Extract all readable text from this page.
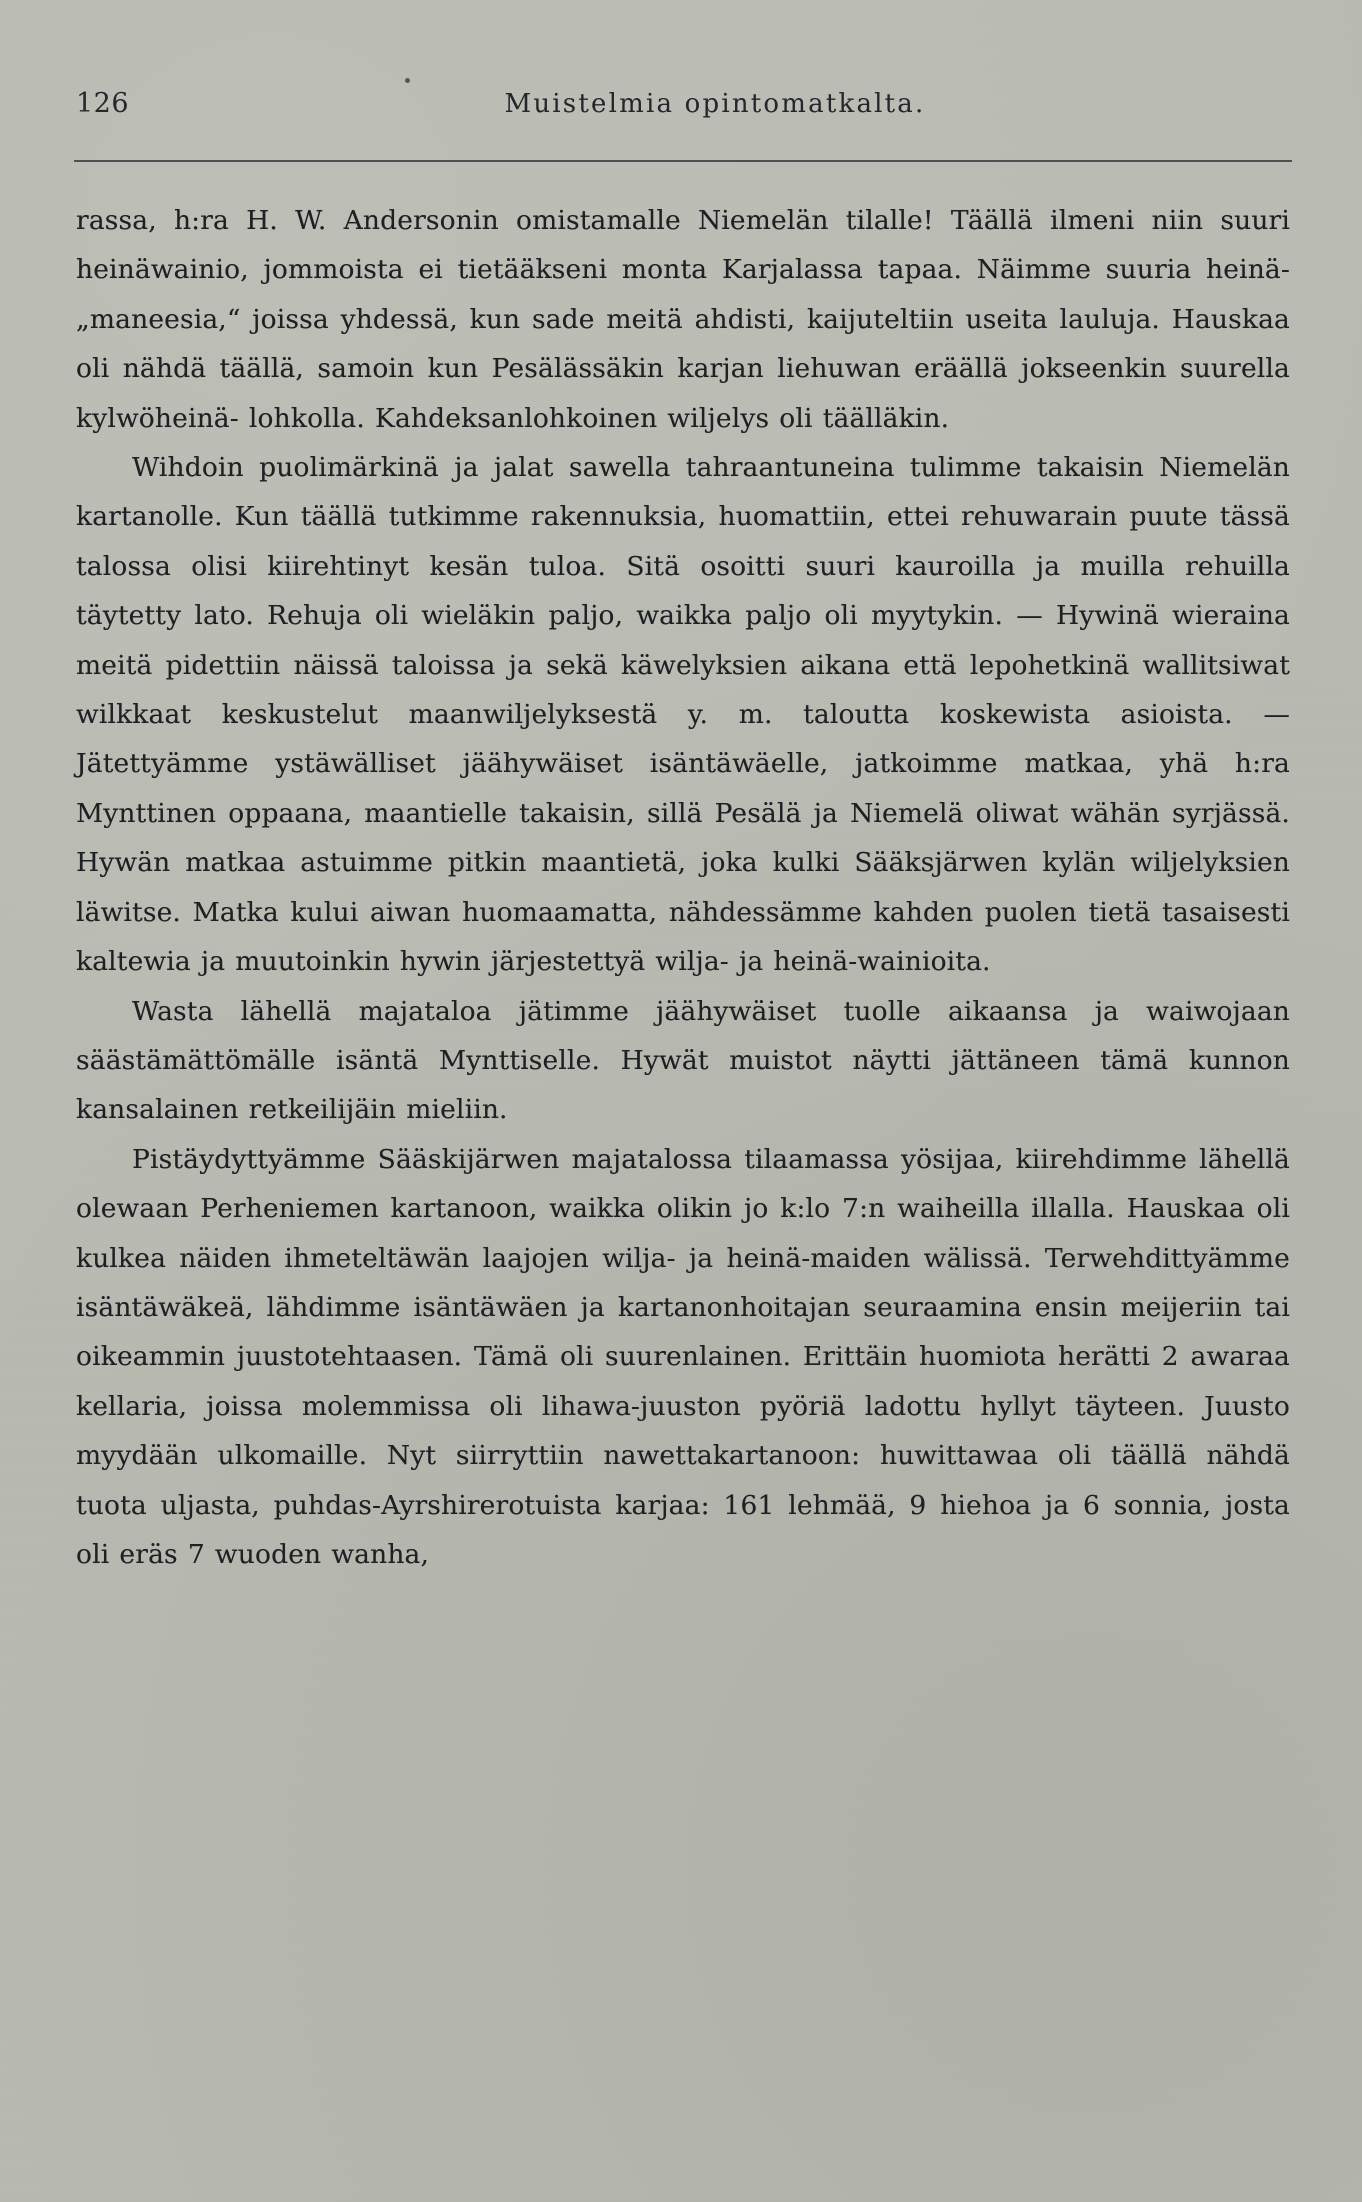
126	Muistelmia opintomatkalta.

rassa, h:ra H. W. Andersonin omistamalle Niemelän tilalle! Täällä ilmeni niin suuri heinäwainio, jommoista ei tietääkseni monta Karjalassa tapaa. Näimme suuria heinä-„maneesia,“ joissa yhdessä, kun sade meitä ahdisti, kaijuteltiin useita lauluja. Hauskaa oli nähdä täällä, samoin kun Pesälässäkin karjan liehuwan eräällä jokseenkin suurella kylwöheinä- lohkolla. Kahdeksanlohkoinen wiljelys oli täälläkin.

Wihdoin puolimärkinä ja jalat sawella tahraantuneina tulimme takaisin Niemelän kartanolle. Kun täällä tutkimme rakennuksia, huomattiin, ettei rehuwarain puute tässä talossa olisi kiirehtinyt kesän tuloa. Sitä osoitti suuri kauroilla ja muilla rehuilla täytetty lato. Rehuja oli wieläkin paljo, waikka paljo oli myytykin. — Hywinä wieraina meitä pidettiin näissä taloissa ja sekä käwelyksien aikana että lepohetkinä wallitsiwat wilkkaat keskustelut maanwiljelyksestä y. m. taloutta koskewista asioista. — Jätettyämme ystäwälliset jäähywäiset isäntäwäelle, jatkoimme matkaa, yhä h:ra Mynttinen oppaana, maantielle takaisin, sillä Pesälä ja Niemelä oliwat wähän syrjässä. Hywän matkaa astuimme pitkin maantietä, joka kulki Sääksjärwen kylän wiljelyksien läwitse. Matka kului aiwan huomaamatta, nähdessämme kahden puolen tietä tasaisesti kaltewia ja muutoinkin hywin järjestettyä wilja- ja heinä-wainioita.

Wasta lähellä majataloa jätimme jäähywäiset tuolle aikaansa ja waiwojaan säästämättömälle isäntä Mynttiselle. Hywät muistot näytti jättäneen tämä kunnon kansalainen retkeilijäin mieliin.

Pistäydyttyämme Sääskijärwen majatalossa tilaamassa yösijaa, kiirehdimme lähellä olewaan Perheniemen kartanoon, waikka olikin jo k:lo 7:n waiheilla illalla. Hauskaa oli kulkea näiden ihmeteltäwän laajojen wilja- ja heinä-maiden wälissä. Terwehdittyämme isäntäwäkeä, lähdimme isäntäwäen ja kartanonhoitajan seuraamina ensin meijeriin tai oikeammin juustotehtaasen. Tämä oli suurenlainen. Erittäin huomiota herätti 2 awaraa kellaria, joissa molemmissa oli lihawa-juuston pyöriä ladottu hyllyt täyteen. Juusto myydään ulkomaille. Nyt siirryttiin nawettakartanoon: huwittawaa oli täällä nähdä tuota uljasta, puhdas-Ayrshirerotuista karjaa: 161 lehmää, 9 hiehoa ja 6 sonnia, josta oli eräs 7 wuoden wanha,
